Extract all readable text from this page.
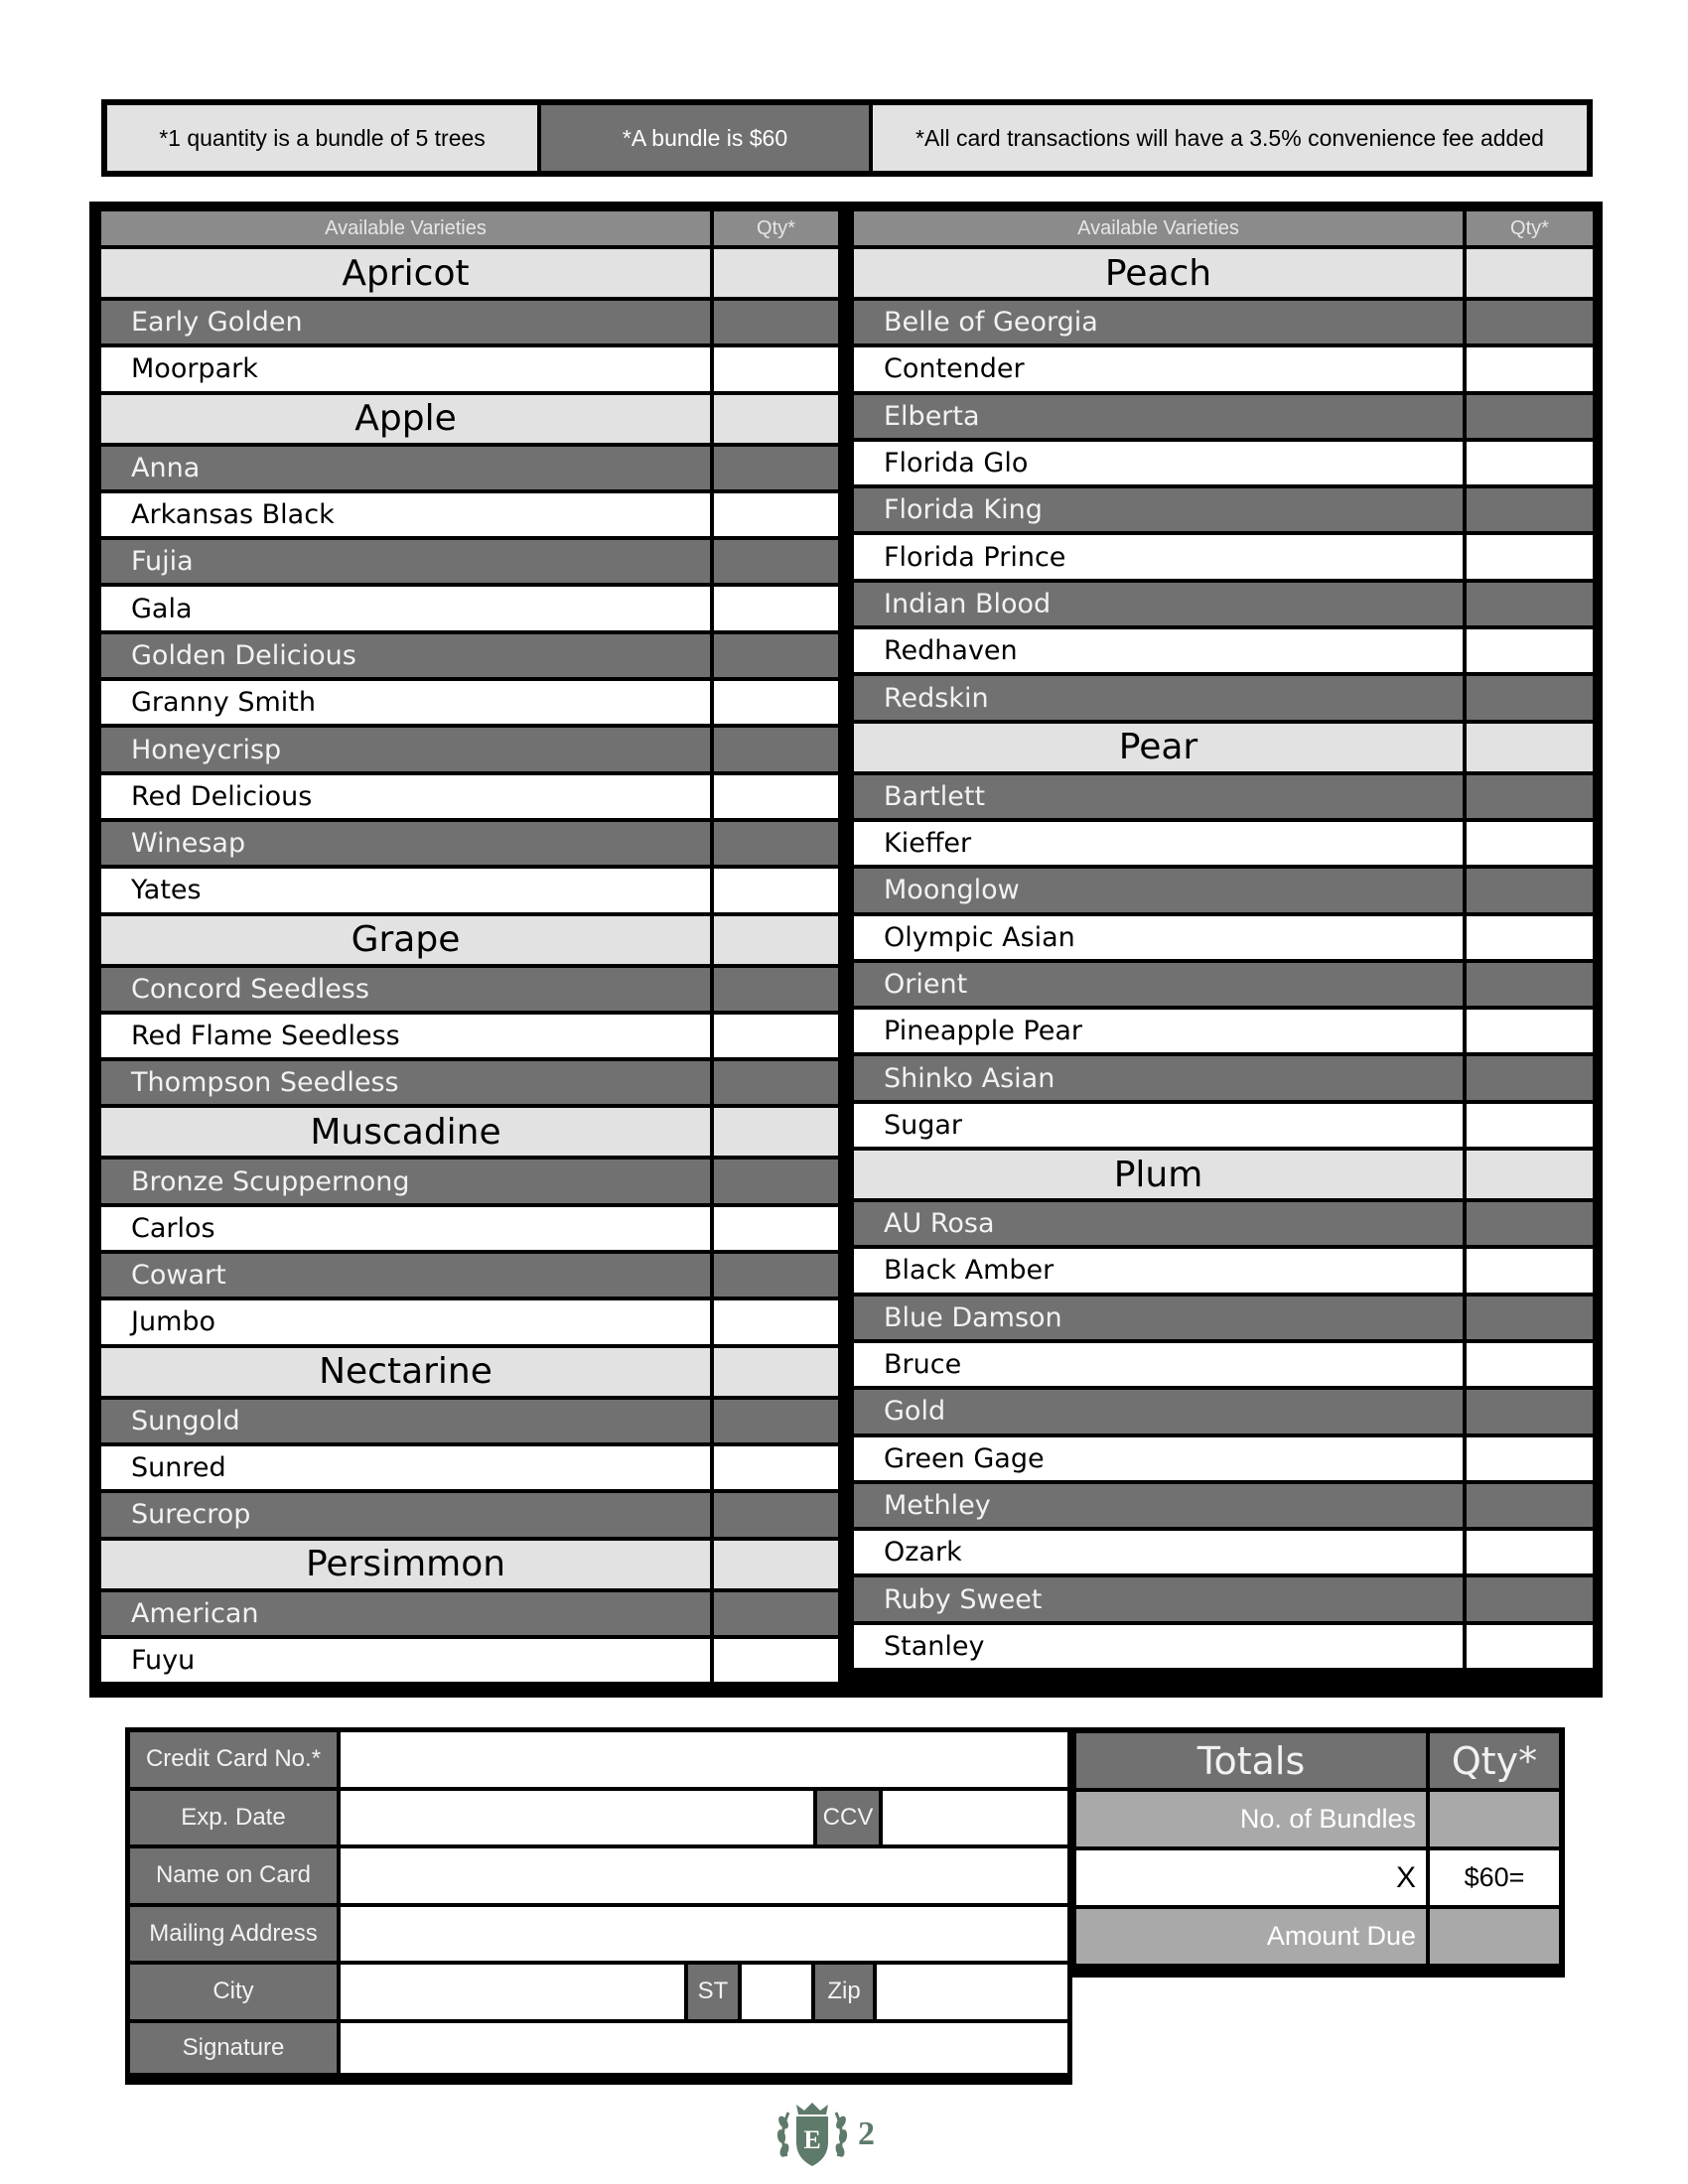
*1 quantity is a bundle of 5 trees	*A bundle is $60	*All card transactions will have a 3.5% convenience fee added
Available Varieties	Qty*
Apricot
Early Golden
Moorpark
Apple
Anna
Arkansas Black
Fujia
Gala
Golden Delicious
Granny Smith
Honeycrisp
Red Delicious
Winesap
Yates
Grape
Concord Seedless
Red Flame Seedless
Thompson Seedless
Muscadine
Bronze Scuppernong
Carlos
Cowart
Jumbo
Nectarine
Sungold
Sunred
Surecrop
Persimmon
American
Fuyu
Available Varieties	Qty*
Peach
Belle of Georgia
Contender
Elberta
Florida Glo
Florida King
Florida Prince
Indian Blood
Redhaven
Redskin
Pear
Bartlett
Kieffer
Moonglow
Olympic Asian
Orient
Pineapple Pear
Shinko Asian
Sugar
Plum
AU Rosa
Black Amber
Blue Damson
Bruce
Gold
Green Gage
Methley
Ozark
Ruby Sweet
Stanley
Credit Card No.*
Exp. Date	CCV
Name on Card
Mailing Address
City	ST	Zip
Signature
Totals	Qty*
No. of Bundles
X	$60=
Amount Due
E 2
